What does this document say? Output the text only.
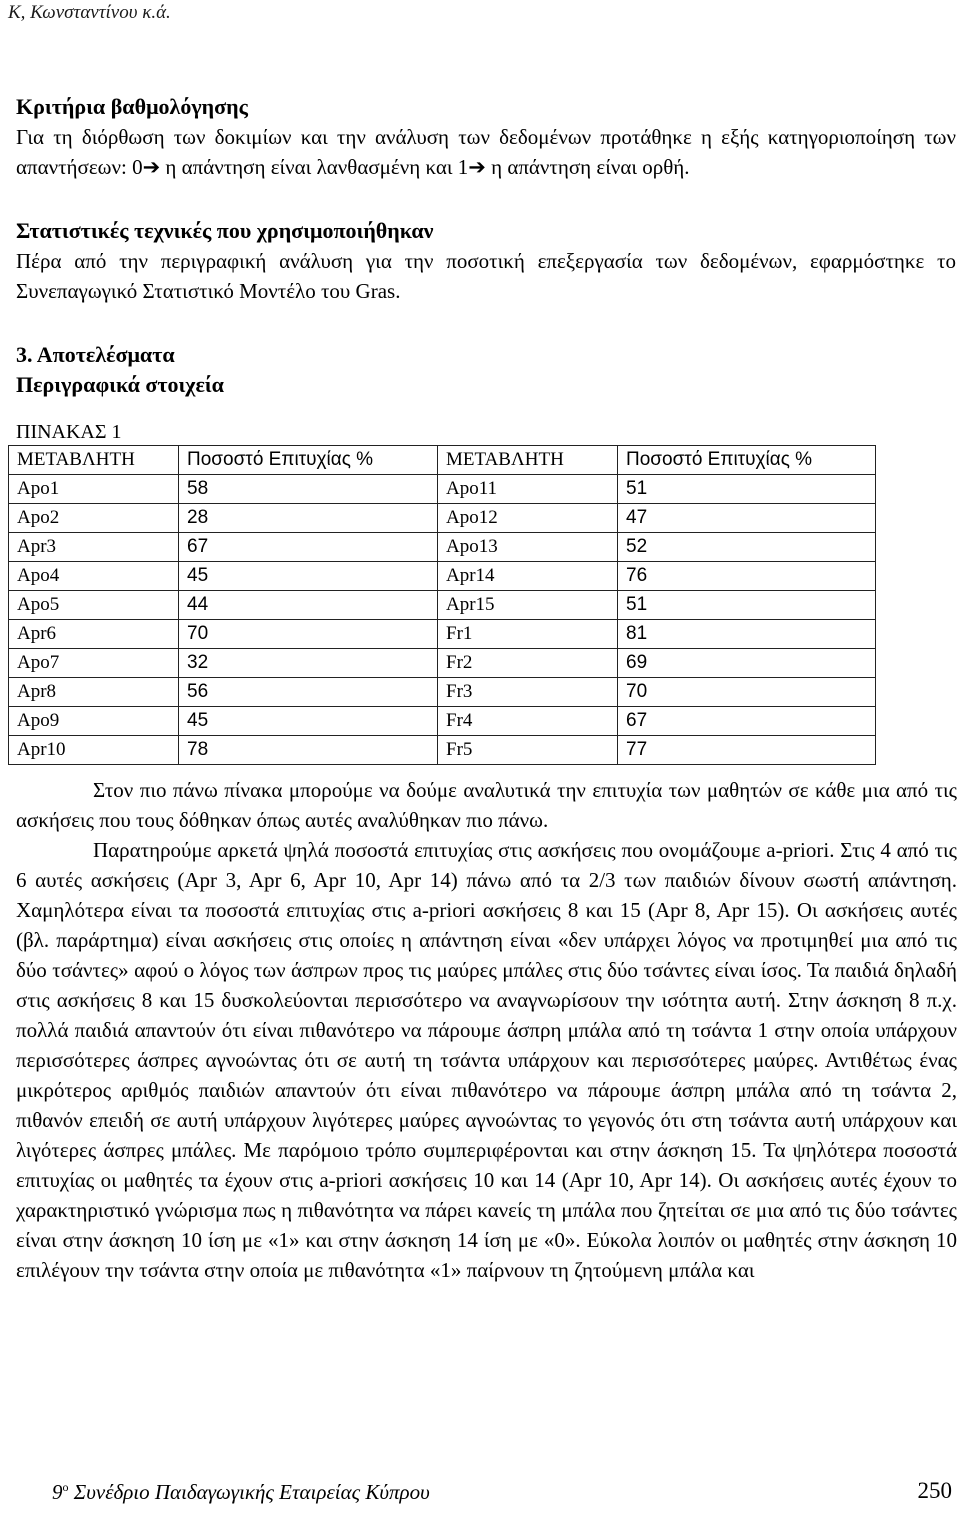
Κ, Κωνσταντίνου κ.ά.
Κριτήρια βαθμολόγησης
Για τη διόρθωση των δοκιμίων και την ανάλυση των δεδομένων προτάθηκε η εξής κατηγοριοποίηση των απαντήσεων: 0➔ η απάντηση είναι λανθασμένη και 1➔ η απάντηση είναι ορθή.
Στατιστικές τεχνικές που χρησιμοποιήθηκαν
Πέρα από την περιγραφική ανάλυση για την ποσοτική επεξεργασία των δεδομένων, εφαρμόστηκε το Συνεπαγωγικό Στατιστικό Μοντέλο του Gras.
3. Αποτελέσματα
Περιγραφικά στοιχεία
ΠΙΝΑΚΑΣ 1
ΜΕΤΑΒΛΗΤΗ	Ποσοστό Επιτυχίας %	ΜΕΤΑΒΛΗΤΗ	Ποσοστό Επιτυχίας %
Apo1	58	Apo11	51
Apo2	28	Apo12	47
Apr3	67	Apo13	52
Apo4	45	Apr14	76
Apo5	44	Apr15	51
Apr6	70	Fr1	81
Apo7	32	Fr2	69
Apr8	56	Fr3	70
Apo9	45	Fr4	67
Apr10	78	Fr5	77

Στον πιο πάνω πίνακα μπορούμε να δούμε αναλυτικά την επιτυχία των μαθητών σε κάθε μια από τις ασκήσεις που τους δόθηκαν όπως αυτές αναλύθηκαν πιο πάνω.

Παρατηρούμε αρκετά ψηλά ποσοστά επιτυχίας στις ασκήσεις που ονομάζουμε a-priori. Στις 4 από τις 6 αυτές ασκήσεις (Apr 3, Apr 6, Apr 10, Apr 14) πάνω από τα 2/3 των παιδιών δίνουν σωστή απάντηση. Χαμηλότερα είναι τα ποσοστά επιτυχίας στις a-priori ασκήσεις 8 και 15 (Apr 8, Apr 15). Οι ασκήσεις αυτές (βλ. παράρτημα) είναι ασκήσεις στις οποίες η απάντηση είναι «δεν υπάρχει λόγος να προτιμηθεί μια από τις δύο τσάντες» αφού ο λόγος των άσπρων προς τις μαύρες μπάλες στις δύο τσάντες είναι ίσος. Τα παιδιά δηλαδή στις ασκήσεις 8 και 15 δυσκολεύονται περισσότερο να αναγνωρίσουν την ισότητα αυτή. Στην άσκηση 8 π.χ. πολλά παιδιά απαντούν ότι είναι πιθανότερο να πάρουμε άσπρη μπάλα από τη τσάντα 1 στην οποία υπάρχουν περισσότερες άσπρες αγνοώντας ότι σε αυτή τη τσάντα υπάρχουν και περισσότερες μαύρες. Αντιθέτως ένας μικρότερος αριθμός παιδιών απαντούν ότι είναι πιθανότερο να πάρουμε άσπρη μπάλα από τη τσάντα 2, πιθανόν επειδή σε αυτή υπάρχουν λιγότερες μαύρες αγνοώντας το γεγονός ότι στη τσάντα αυτή υπάρχουν και λιγότερες άσπρες μπάλες. Με παρόμοιο τρόπο συμπεριφέρονται και στην άσκηση 15. Τα ψηλότερα ποσοστά επιτυχίας οι μαθητές τα έχουν στις a-priori ασκήσεις 10 και 14 (Apr 10, Apr 14). Οι ασκήσεις αυτές έχουν το χαρακτηριστικό γνώρισμα πως η πιθανότητα να πάρει κανείς τη μπάλα που ζητείται σε μια από τις δύο τσάντες είναι στην άσκηση 10 ίση με «1» και στην άσκηση 14 ίση με «0». Εύκολα λοιπόν οι μαθητές στην άσκηση 10 επιλέγουν την τσάντα στην οποία με πιθανότητα «1» παίρνουν τη ζητούμενη μπάλα και

$9^o$ Συνέδριο Παιδαγωγικής Εταιρείας Κύπρου	250
